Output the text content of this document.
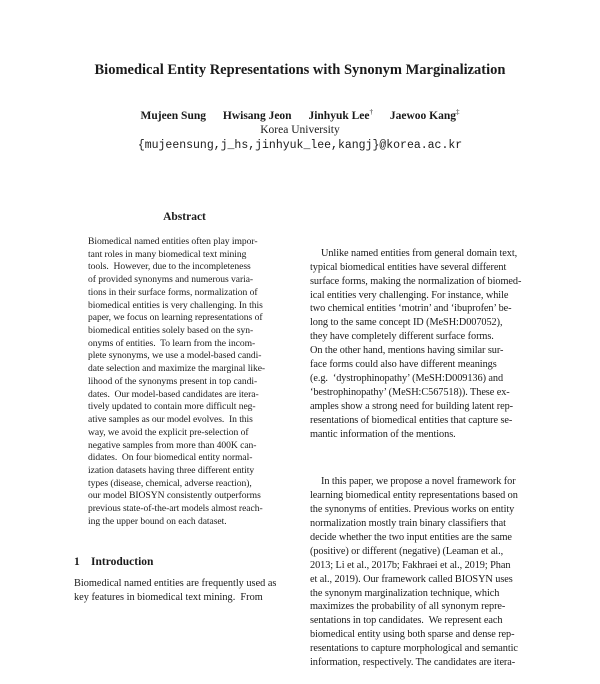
Biomedical Entity Representations with Synonym Marginalization
Mujeen Sung Hwisang Jeon Jinhyuk Lee† Jaewoo Kang‡
Korea University
{mujeensung,j_hs,jinhyuk_lee,kangj}@korea.ac.kr
Abstract
Biomedical named entities often play impor-
tant roles in many biomedical text mining
tools.  However, due to the incompleteness
of provided synonyms and numerous varia-
tions in their surface forms, normalization of
biomedical entities is very challenging. In this
paper, we focus on learning representations of
biomedical entities solely based on the syn-
onyms of entities.  To learn from the incom-
plete synonyms, we use a model-based candi-
date selection and maximize the marginal like-
lihood of the synonyms present in top candi-
dates.  Our model-based candidates are itera-
tively updated to contain more difficult neg-
ative samples as our model evolves.  In this
way, we avoid the explicit pre-selection of
negative samples from more than 400K can-
didates.  On four biomedical entity normal-
ization datasets having three different entity
types (disease, chemical, adverse reaction),
our model BIOSYN consistently outperforms
previous state-of-the-art models almost reach-
ing the upper bound on each dataset.
1 Introduction
Biomedical named entities are frequently used as
key features in biomedical text mining.  From

Unlike named entities from general domain text,
typical biomedical entities have several different
surface forms, making the normalization of biomed-
ical entities very challenging. For instance, while
two chemical entities ‘motrin’ and ‘ibuprofen’ be-
long to the same concept ID (MeSH:D007052),
they have completely different surface forms.
On the other hand, mentions having similar sur-
face forms could also have different meanings
(e.g.  ‘dystrophinopathy’ (MeSH:D009136) and
‘bestrophinopathy’ (MeSH:C567518)). These ex-
amples show a strong need for building latent rep-
resentations of biomedical entities that capture se-
mantic information of the mentions.

In this paper, we propose a novel framework for
learning biomedical entity representations based on
the synonyms of entities. Previous works on entity
normalization mostly train binary classifiers that
decide whether the two input entities are the same
(positive) or different (negative) (Leaman et al.,
2013; Li et al., 2017b; Fakhraei et al., 2019; Phan
et al., 2019). Our framework called BIOSYN uses
the synonym marginalization technique, which
maximizes the probability of all synonym repre-
sentations in top candidates.  We represent each
biomedical entity using both sparse and dense rep-
resentations to capture morphological and semantic
information, respectively. The candidates are itera-
